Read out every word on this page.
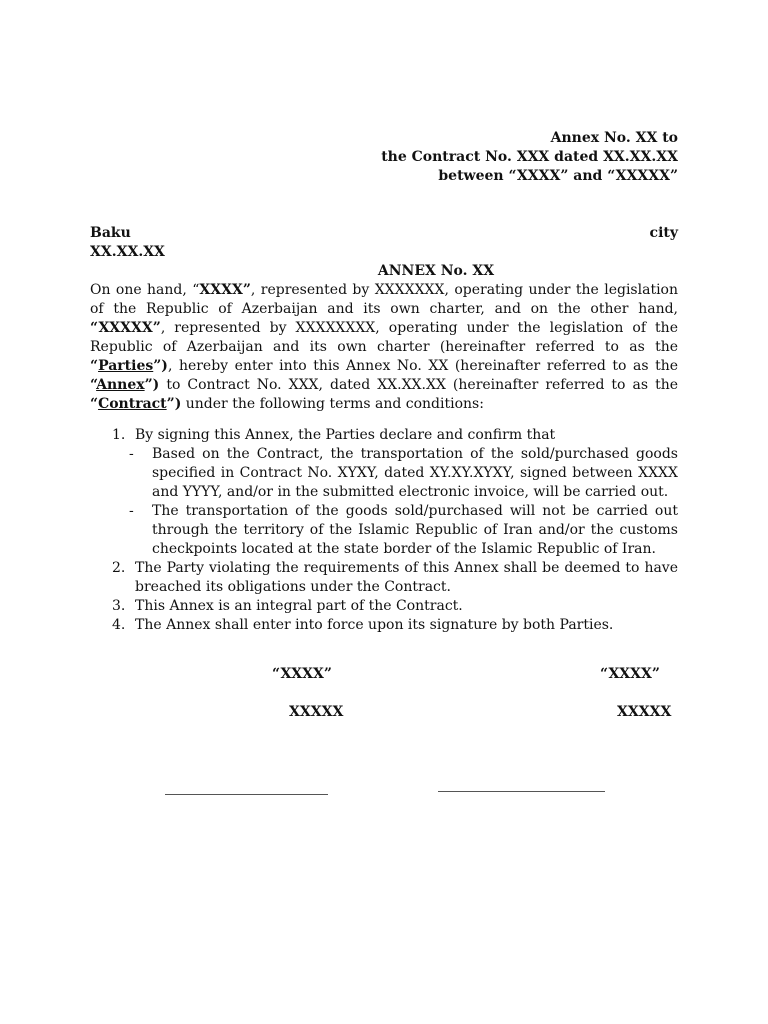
Annex No. XX to
the Contract No. XXX dated XX.XX.XX
between “XXXX” and “XXXXX”
Baku	city
XX.XX.XX
ANNEX No. XX
On one hand, “XXXX”, represented by XXXXXXX, operating under the legislation of the Republic of Azerbaijan and its own charter, and on the other hand, “XXXXX”, represented by XXXXXXXX, operating under the legislation of the Republic of Azerbaijan and its own charter (hereinafter referred to as the “Parties”), hereby enter into this Annex No. XX (hereinafter referred to as the “Annex”) to Contract No. XXX, dated XX.XX.XX (hereinafter referred to as the “Contract”) under the following terms and conditions:
1. By signing this Annex, the Parties declare and confirm that
-	Based on the Contract, the transportation of the sold/purchased goods specified in Contract No. XYXY, dated XY.XY.XYXY, signed between XXXX and YYYY, and/or in the submitted electronic invoice, will be carried out.
-	The transportation of the goods sold/purchased will not be carried out through the territory of the Islamic Republic of Iran and/or the customs checkpoints located at the state border of the Islamic Republic of Iran.
2. The Party violating the requirements of this Annex shall be deemed to have breached its obligations under the Contract.
3. This Annex is an integral part of the Contract.
4. The Annex shall enter into force upon its signature by both Parties.
“XXXX”
XXXXX
“XXXX”
XXXXX
